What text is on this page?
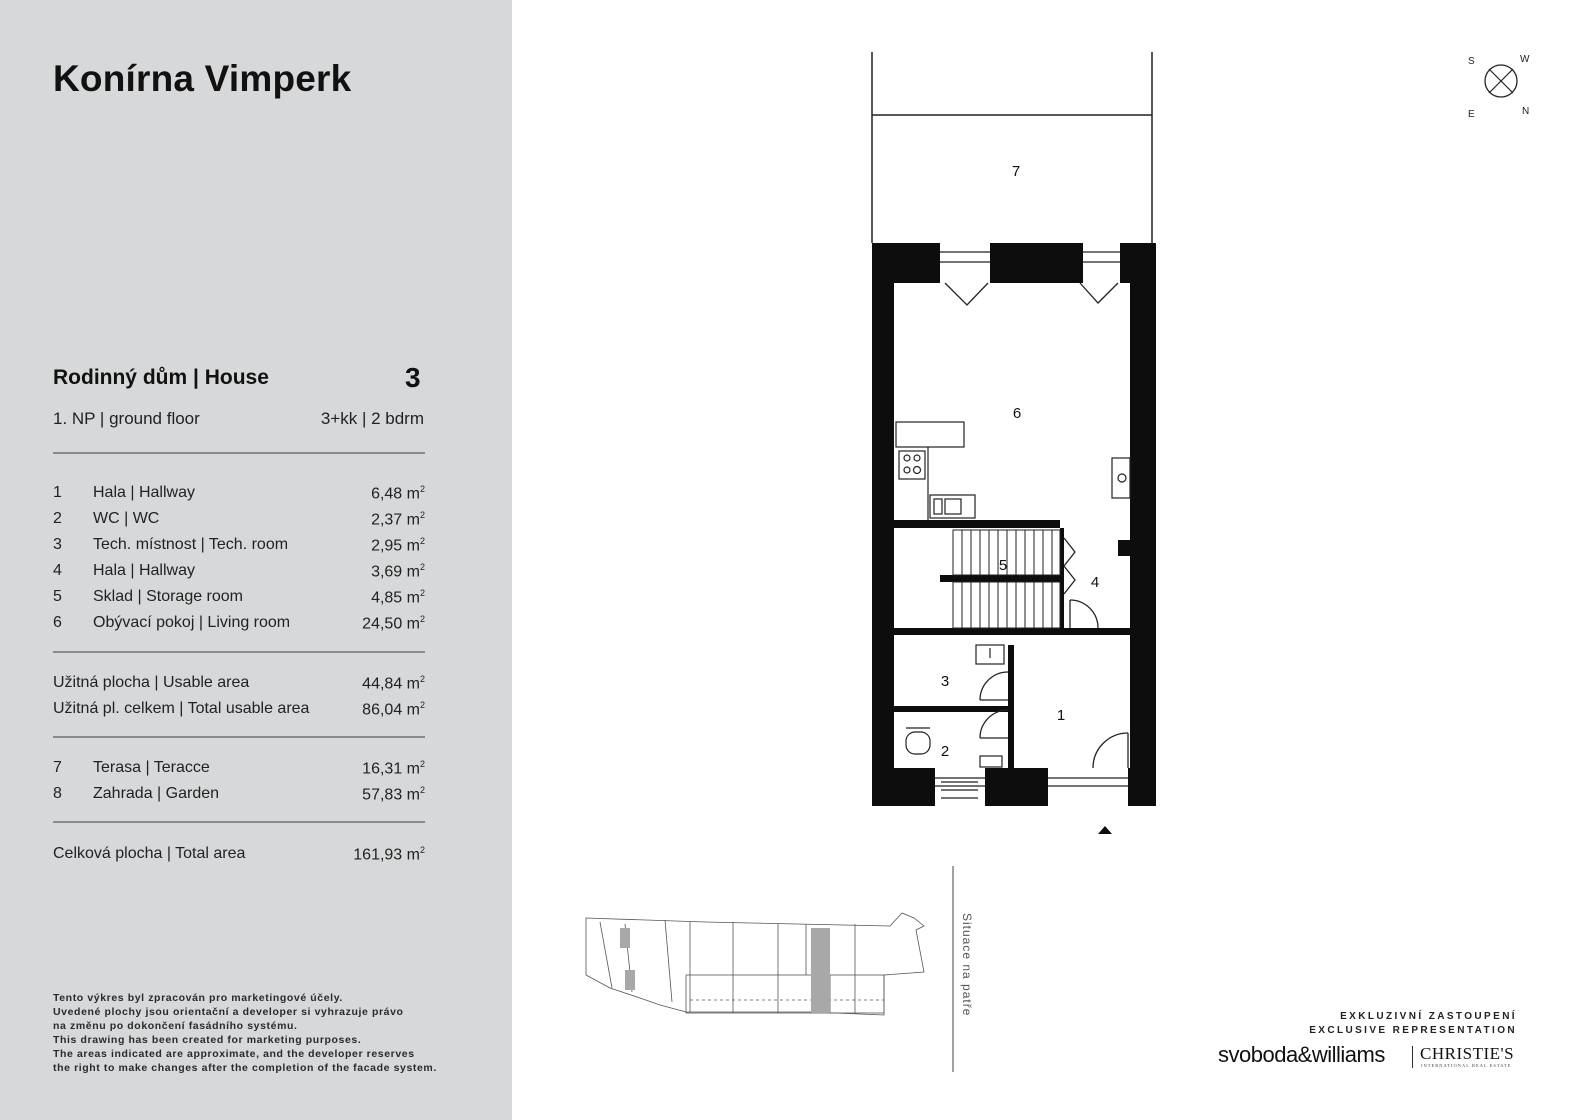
Konírna Vimperk
Rodinný dům | House	3
1. NP | ground floor	3+kk | 2 bdrm
1 Hala | Hallway	6,48 $m^2$
2 WC | WC	2,37 $m^2$
3 Tech. místnost | Tech. room	2,95 $m^2$
4 Hala | Hallway	3,69 $m^2$
5 Sklad | Storage room	4,85 $m^2$
6 Obývací pokoj | Living room	24,50 $m^2$
Užitná plocha | Usable area	44,84 $m^2$
Užitná pl. celkem | Total usable area	86,04 $m^2$
7 Terasa | Teracce	16,31 $m^2$
8 Zahrada | Garden	57,83 $m^2$
Celková plocha | Total area	161,93 $m^2$
Tento výkres byl zpracován pro marketingové účely.
Uvedené plochy jsou orientační a developer si vyhrazuje právo
na změnu po dokončení fasádního systému.
This drawing has been created for marketing purposes.
The areas indicated are approximate, and the developer reserves
the right to make changes after the completion of the facade system.
7
6
5
4
3
1
2
S	W
E	N
Situace na patře
EXKLUZIVNÍ ZASTOUPENÍ
EXCLUSIVE REPRESENTATION
svoboda&williams CHRISTIE'S
INTERNATIONAL REAL ESTATE
